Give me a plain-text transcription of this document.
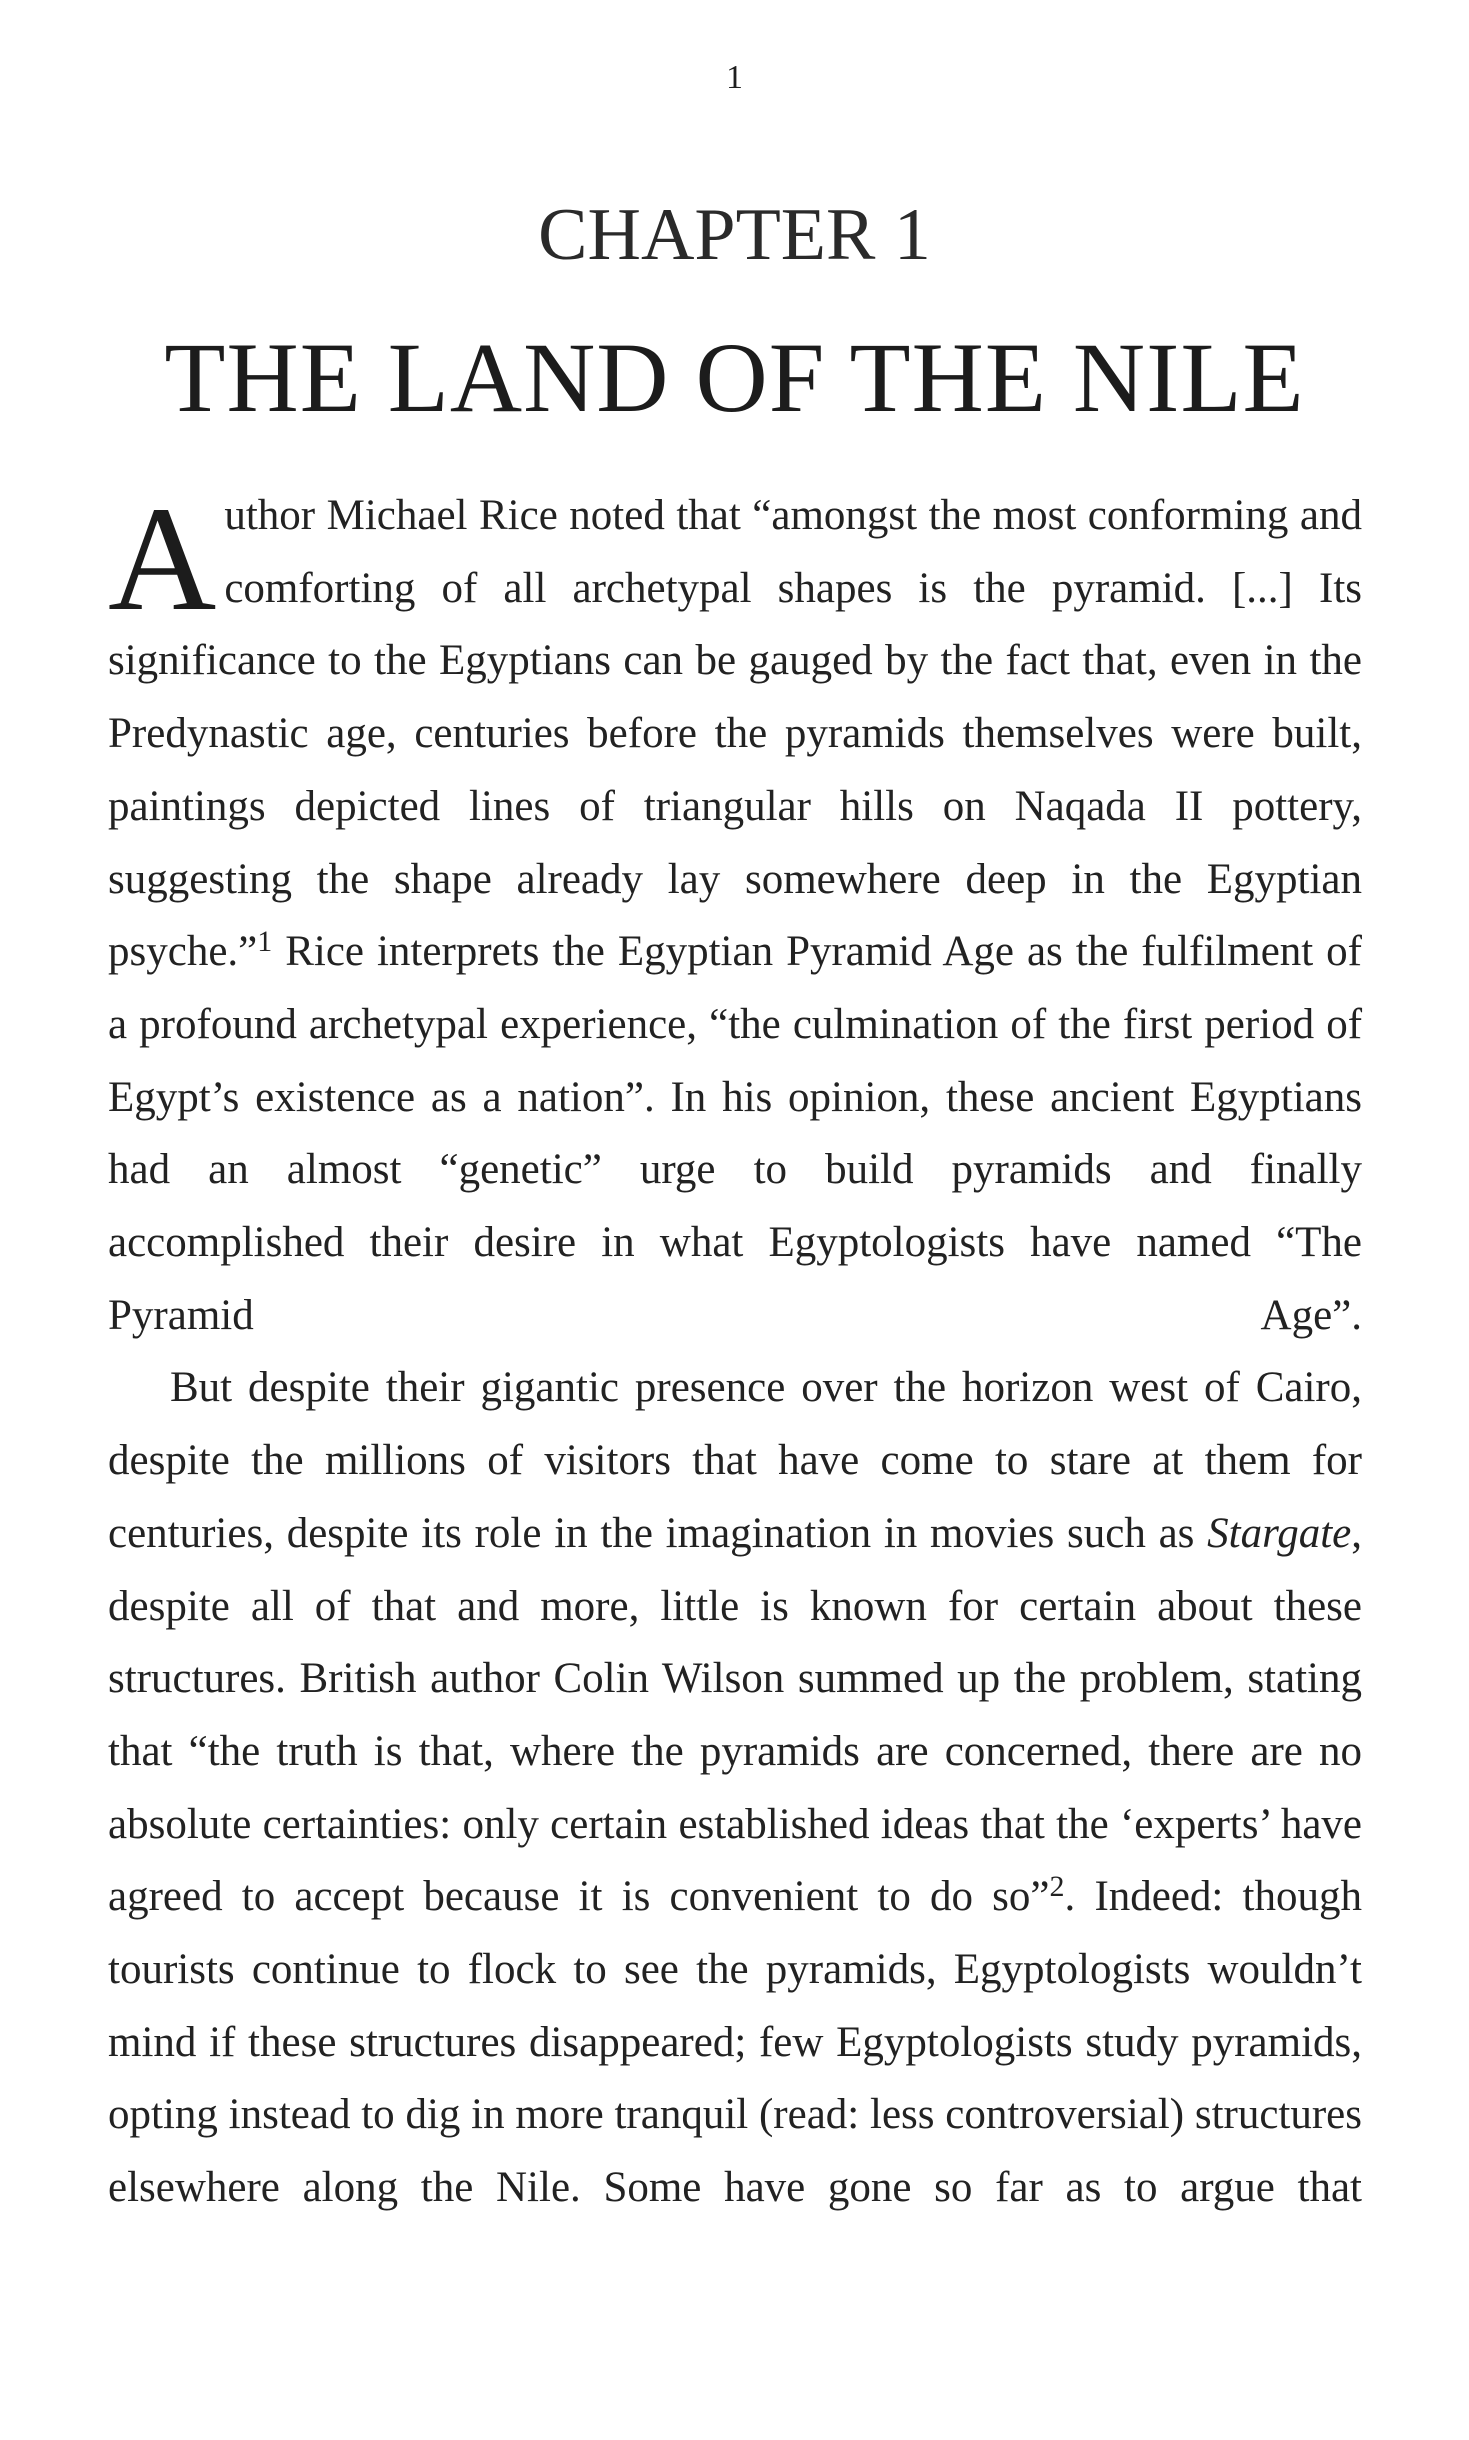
1
CHAPTER 1
THE LAND OF THE NILE

A uthor Michael Rice noted that “amongst the most conforming and comforting of all archetypal shapes is the pyramid. [...] Its significance to the Egyptians can be gauged by the fact that, even in the Predynastic age, centuries before the pyramids themselves were built, paintings depicted lines of triangular hills on Naqada II pottery, suggesting the shape already lay somewhere deep in the Egyptian psyche.”$^1$ Rice interprets the Egyptian Pyramid Age as the fulfilment of a profound archetypal experience, “the culmination of the first period of Egypt’s existence as a nation”. In his opinion, these ancient Egyptians had an almost “genetic” urge to build pyramids and finally accomplished their desire in what Egyptologists have named “The Pyramid Age”.

But despite their gigantic presence over the horizon west of Cairo, despite the millions of visitors that have come to stare at them for centuries, despite its role in the imagination in movies such as Stargate, despite all of that and more, little is known for certain about these structures. British author Colin Wilson summed up the problem, stating that “the truth is that, where the pyramids are concerned, there are no absolute certainties: only certain established ideas that the ‘experts’ have agreed to accept because it is convenient to do so”$^2$. Indeed: though tourists continue to flock to see the pyramids, Egyptologists wouldn’t mind if these structures disappeared; few Egyptologists study pyramids, opting instead to dig in more tranquil (read: less controversial) structures elsewhere along the Nile. Some have gone so far as to argue that
